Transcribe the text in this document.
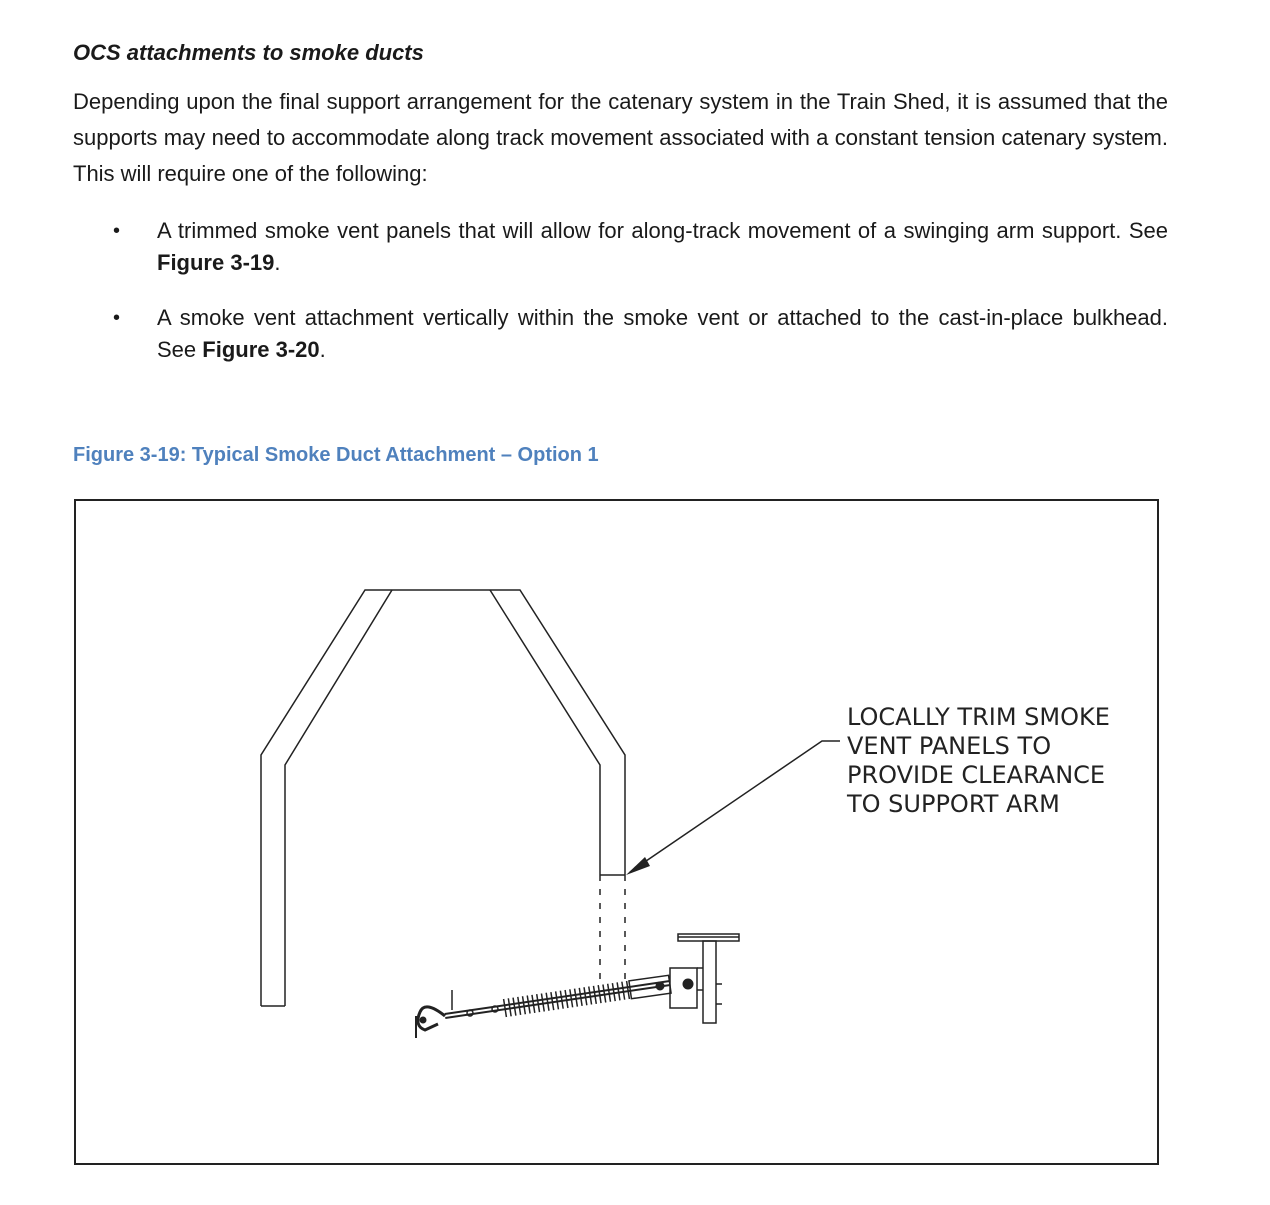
OCS attachments to smoke ducts
Depending upon the final support arrangement for the catenary system in the Train Shed, it is assumed that the supports may need to accommodate along track movement associated with a constant tension catenary system. This will require one of the following:
•	A trimmed smoke vent panels that will allow for along-track movement of a swinging arm support. See Figure 3-19.
•	A smoke vent attachment vertically within the smoke vent or attached to the cast-in-place bulkhead. See Figure 3-20.
Figure 3-19: Typical Smoke Duct Attachment – Option 1
LOCALLY TRIM SMOKE VENT PANELS TO PROVIDE CLEARANCE TO SUPPORT ARM
